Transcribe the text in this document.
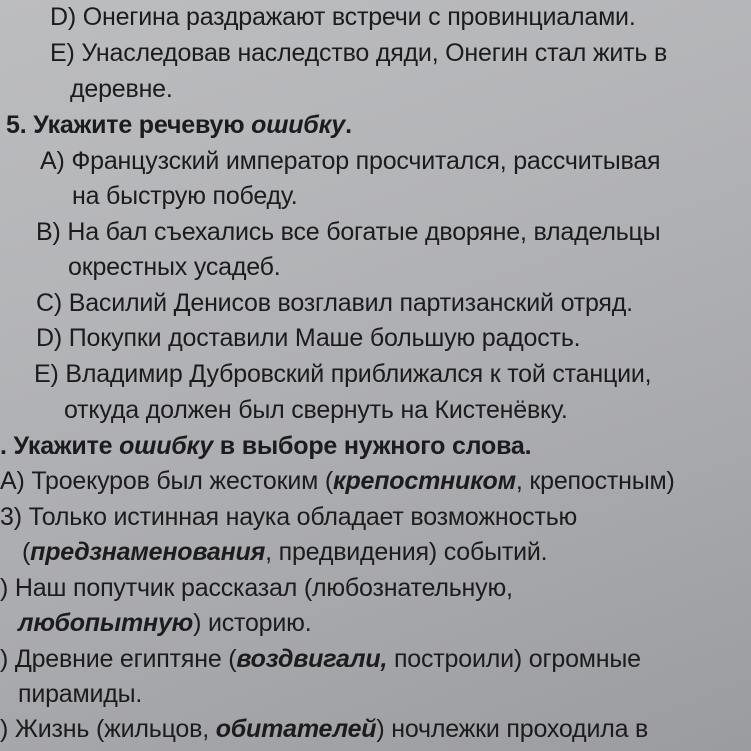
D) Онегина раздражают встречи с провинциалами.
E) Унаследовав наследство дяди, Онегин стал жить в
деревне.
5. Укажите речевую ошибку.
A) Французский император просчитался, рассчитывая
на быструю победу.
B) На бал съехались все богатые дворяне, владельцы
окрестных усадеб.
C) Василий Денисов возглавил партизанский отряд.
D) Покупки доставили Маше большую радость.
E) Владимир Дубровский приближался к той станции,
откуда должен был свернуть на Кистенёвку.
. Укажите ошибку в выборе нужного слова.
A) Троекуров был жестоким (крепостником, крепостным)
3) Только истинная наука обладает возможностью
(предзнаменования, предвидения) событий.
) Наш попутчик рассказал (любознательную,
любопытную) историю.
) Древние египтяне (воздвигали, построили) огромные
пирамиды.
) Жизнь (жильцов, обитателей) ночлежки проходила в
